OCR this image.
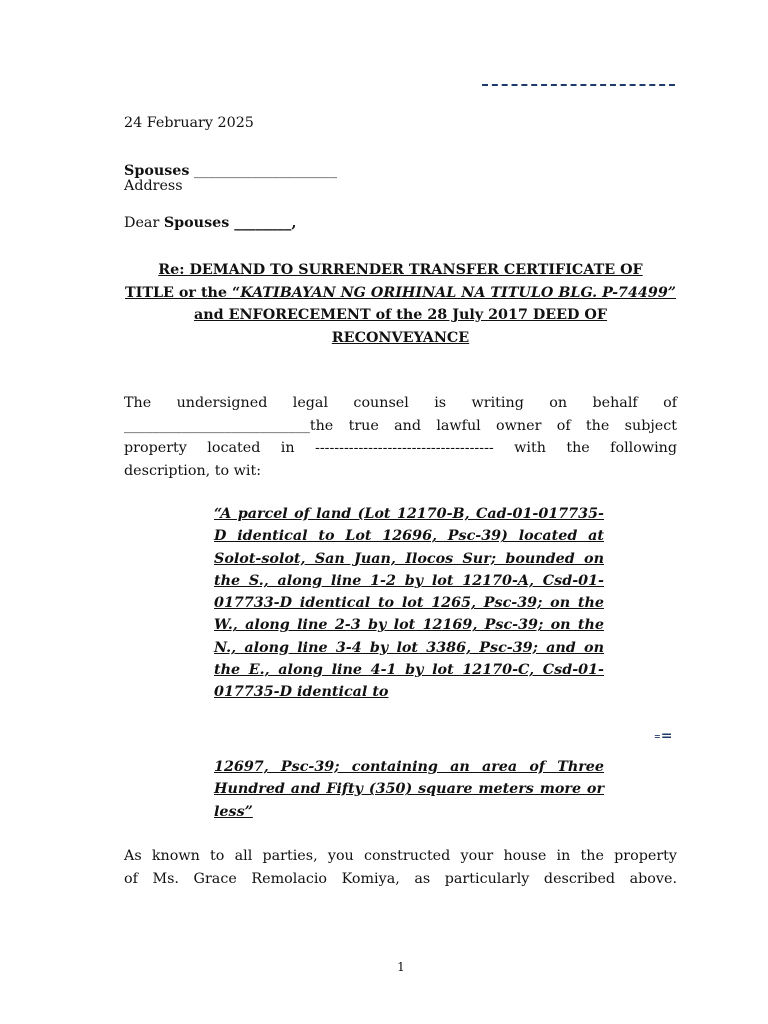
24 February 2025
Spouses ____________________
Address
Dear Spouses ________,
Re: DEMAND TO SURRENDER TRANSFER CERTIFICATE OF
TITLE or the “KATIBAYAN NG ORIHINAL NA TITULO BLG. P-74499”
and ENFORECEMENT of the 28 July 2017 DEED OF RECONVEYANCE
The undersigned legal counsel is writing on behalf of
__________________________the true and lawful owner of the subject
property located in ------------------------------------- with the following
description, to wit:
“A parcel of land (Lot 12170-B, Cad-01-017735-D identical to Lot 12696, Psc-39) located at Solot-solot, San Juan, Ilocos Sur; bounded on the S., along line 1-2 by lot 12170-A, Csd-01-017733-D identical to lot 1265, Psc-39; on the W., along line 2-3 by lot 12169, Psc-39; on the N., along line 3-4 by lot 3386, Psc-39; and on the E., along line 4-1 by lot 12170-C, Csd-01-017735-D identical to
==
12697, Psc-39; containing an area of Three Hundred and Fifty (350) square meters more or less”
As known to all parties, you constructed your house in the property
of Ms. Grace Remolacio Komiya, as particularly described above.
1
